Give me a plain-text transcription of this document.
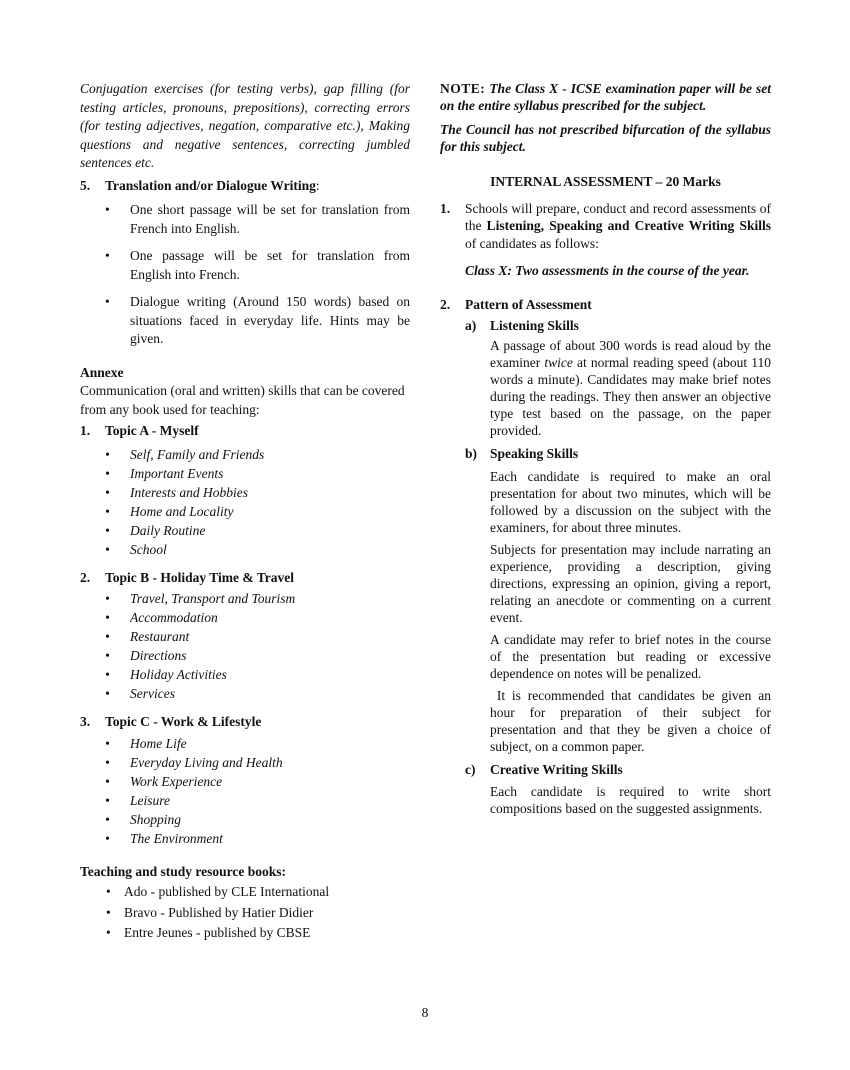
Conjugation exercises (for testing verbs), gap filling (for testing articles, pronouns, prepositions), correcting errors (for testing adjectives, negation, comparative etc.), Making questions and negative sentences, correcting jumbled sentences etc.

5.	Translation and/or Dialogue Writing:
• One short passage will be set for translation from French into English.
• One passage will be set for translation from English into French.
• Dialogue writing (Around 150 words) based on situations faced in everyday life. Hints may be given.

Annexe

Communication (oral and written) skills that can be covered from any book used for teaching:

1.	Topic A - Myself
• Self, Family and Friends
• Important Events
• Interests and Hobbies
• Home and Locality
• Daily Routine
• School
2.	Topic B - Holiday Time & Travel
• Travel, Transport and Tourism
• Accommodation
• Restaurant
• Directions
• Holiday Activities
• Services
3.	Topic C - Work & Lifestyle
• Home Life
• Everyday Living and Health
• Work Experience
• Leisure
• Shopping
• The Environment

Teaching and study resource books:

• Ado - published by CLE International
• Bravo - Published by Hatier Didier
• Entre Jeunes - published by CBSE

NOTE: The Class X - ICSE examination paper will be set on the entire syllabus prescribed for the subject.

The Council has not prescribed bifurcation of the syllabus for this subject.

INTERNAL ASSESSMENT – 20 Marks

1.	Schools will prepare, conduct and record assessments of the Listening, Speaking and Creative Writing Skills of candidates as follows:

Class X: Two assessments in the course of the year.

2.	Pattern of Assessment
a)	Listening Skills

A passage of about 300 words is read aloud by the examiner twice at normal reading speed (about 110 words a minute). Candidates may make brief notes during the readings. They then answer an objective type test based on the passage, on the paper provided.

b) Speaking Skills

Each candidate is required to make an oral presentation for about two minutes, which will be followed by a discussion on the subject with the examiners, for about three minutes.

Subjects for presentation may include narrating an experience, providing a description, giving directions, expressing an opinion, giving a report, relating an anecdote or commenting on a current event.

A candidate may refer to brief notes in the course of the presentation but reading or excessive dependence on notes will be penalized.

It is recommended that candidates be given an hour for preparation of their subject for presentation and that they be given a choice of subject, on a common paper.

c)	Creative Writing Skills

Each candidate is required to write short compositions based on the suggested assignments.

8
